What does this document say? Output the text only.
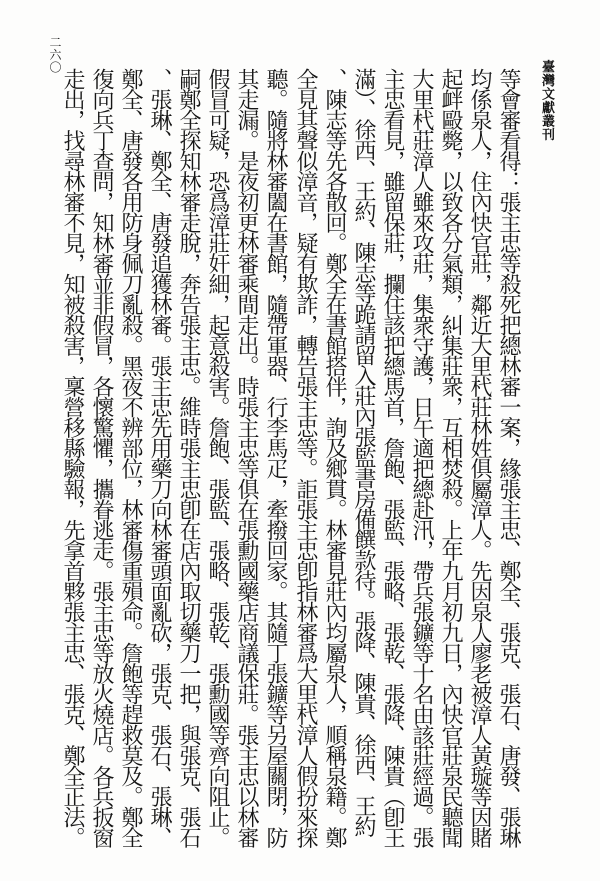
臺灣文獻叢刊
二六〇
等會審看得：張主忠等殺死把總林審一案，緣張主忠、鄭全、張克、張石、唐發、張琳
均係泉人，住內快官莊，鄰近大里杙莊林姓俱屬漳人。先因泉人廖老被漳人黃璇等因賭
起衅毆斃，以致各分氣類，糾集莊衆，互相焚殺。上年九月初九日，內快官莊泉民聽聞
大里杙莊漳人雖來攻莊，集衆守護，日午適把總赴汛，帶兵張鑛等十名由該莊經過。張
主忠看見，雖留保莊，攔住該把總馬首，詹飽、張監、張略、張乾、張降、陳貴（卽王
滿）、徐西、王約、陳志等跪請留入莊內張監書房備饌款待。張降、陳貴、徐西、王約
、陳志等先各散回。鄭全在書館搭伴，詢及鄉貫。林審見莊內均屬泉人，順稱泉籍。鄭
全見其聲似漳音，疑有欺詐，轉告張主忠等。詎張主忠卽指林審爲大里杙漳人假扮來探
聽。隨將林審闔在書館，隨帶軍器、行李馬疋，牽撥回家。其隨丁張鑛等另屋關閉，防
其走漏。是夜初更林審乘間走出。時張主忠等俱在張勳國藥店商議保莊。張主忠以林審
假冒可疑，恐爲漳莊奸細，起意殺害。詹飽、張監、張略、張乾、張勳國等齊向阻止。
嗣鄭全探知林審走脫，奔告張主忠。維時張主忠卽在店內取切藥刀一把，與張克、張石
、張琳、鄭全、唐發追獲林審。張主忠先用藥刀向林審頭面亂砍，張克、張石、張琳、
鄭全、唐發各用防身佩刀亂殺。黑夜不辨部位，林審傷重殞命。詹飽等趕救莫及。鄭全
復向兵丁查問，知林審並非假冒，各懷驚懼，攜眷逃走。張主忠等放火燒店。各兵扳窗
走出，找尋林審不見，知被殺害，稟營移縣驗報，先拿首夥張主忠、張克、鄭全正法。
